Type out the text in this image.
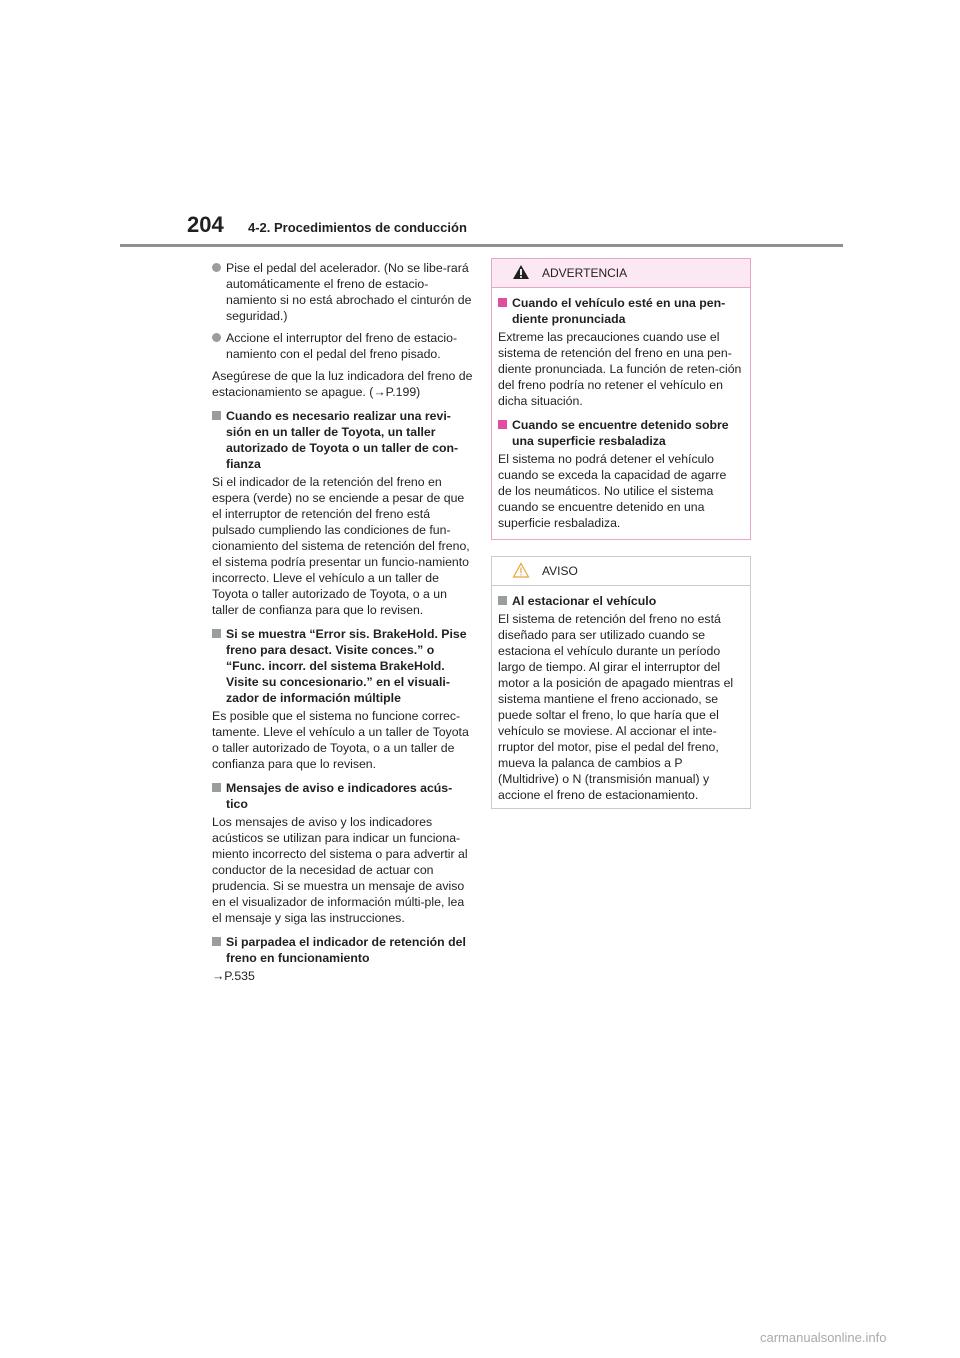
204 4-2. Procedimientos de conducción
Pise el pedal del acelerador. (No se libe-rará automáticamente el freno de estacio-namiento si no está abrochado el cinturón de seguridad.)
Accione el interruptor del freno de estacio-namiento con el pedal del freno pisado.

Asegúrese de que la luz indicadora del freno de estacionamiento se apague. (→P.199)

Cuando es necesario realizar una revi-sión en un taller de Toyota, un taller autorizado de Toyota o un taller de con-fianza

Si el indicador de la retención del freno en espera (verde) no se enciende a pesar de que el interruptor de retención del freno está pulsado cumpliendo las condiciones de fun-cionamiento del sistema de retención del freno, el sistema podría presentar un funcio-namiento incorrecto. Lleve el vehículo a un taller de Toyota o taller autorizado de Toyota, o a un taller de confianza para que lo revisen.

Si se muestra “Error sis. BrakeHold. Pise freno para desact. Visite conces.” o “Func. incorr. del sistema BrakeHold. Visite su concesionario.” en el visuali-zador de información múltiple

Es posible que el sistema no funcione correc-tamente. Lleve el vehículo a un taller de Toyota o taller autorizado de Toyota, o a un taller de confianza para que lo revisen.

Mensajes de aviso e indicadores acús-tico

Los mensajes de aviso y los indicadores acústicos se utilizan para indicar un funciona-miento incorrecto del sistema o para advertir al conductor de la necesidad de actuar con prudencia. Si se muestra un mensaje de aviso en el visualizador de información múlti-ple, lea el mensaje y siga las instrucciones.

Si parpadea el indicador de retención del freno en funcionamiento

→P.535

ADVERTENCIA
Cuando el vehículo esté en una pen-diente pronunciada

Extreme las precauciones cuando use el sistema de retención del freno en una pen-diente pronunciada. La función de reten-ción del freno podría no retener el vehículo en dicha situación.

Cuando se encuentre detenido sobre una superficie resbaladiza

El sistema no podrá detener el vehículo cuando se exceda la capacidad de agarre de los neumáticos. No utilice el sistema cuando se encuentre detenido en una superficie resbaladiza.

AVISO
Al estacionar el vehículo

El sistema de retención del freno no está diseñado para ser utilizado cuando se estaciona el vehículo durante un período largo de tiempo. Al girar el interruptor del motor a la posición de apagado mientras el sistema mantiene el freno accionado, se puede soltar el freno, lo que haría que el vehículo se moviese. Al accionar el inte-rruptor del motor, pise el pedal del freno, mueva la palanca de cambios a P (Multidrive) o N (transmisión manual) y accione el freno de estacionamiento.

carmanualsonline.info
